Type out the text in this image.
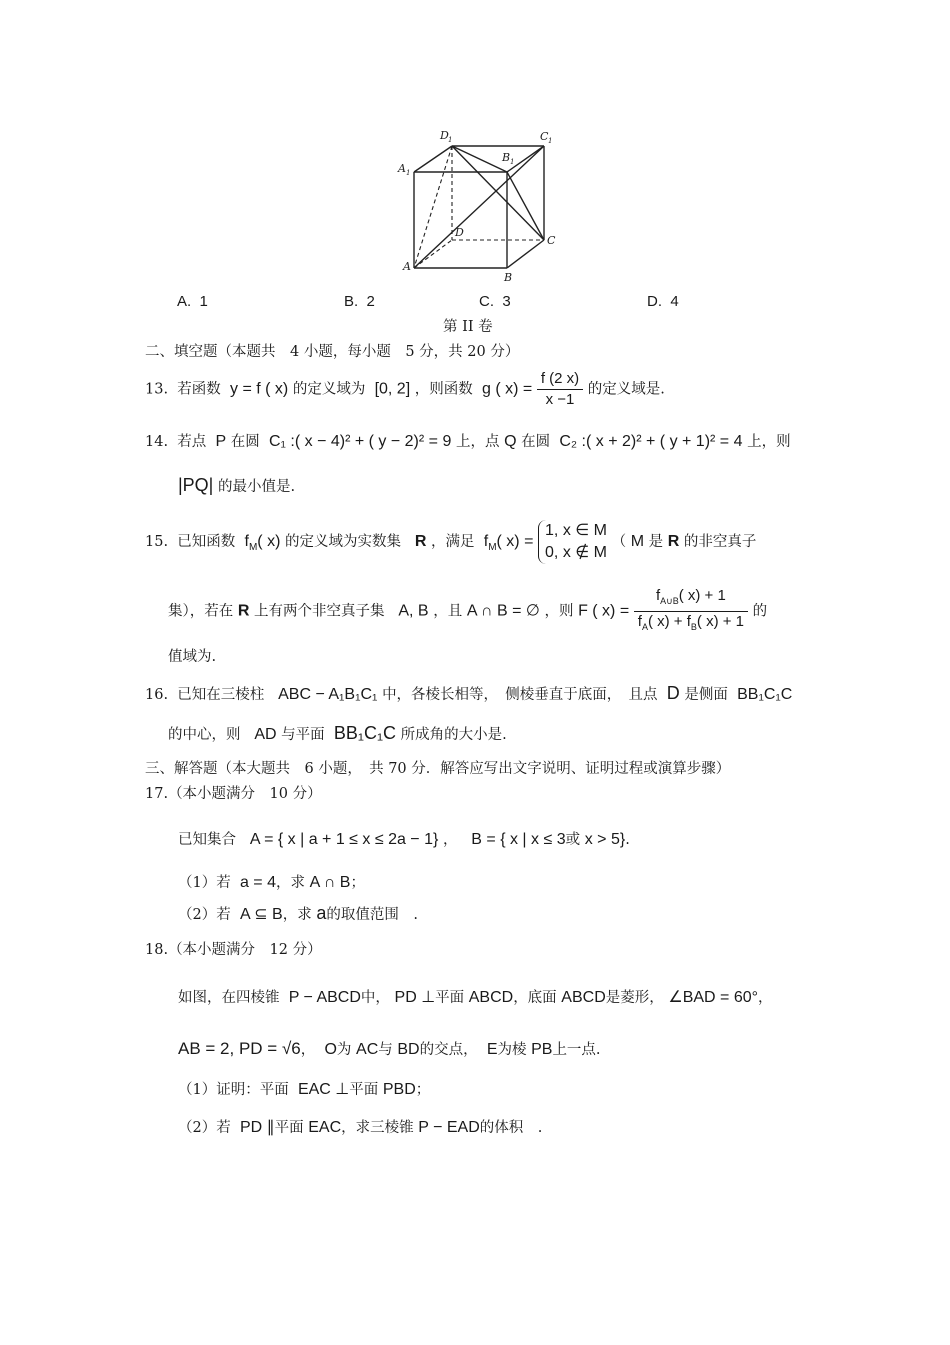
D 1	C 1
A 1
B 1
D
C
A
B
A. 1	B. 2	C. 3	D. 4
第 II 卷
二、填空题（本题共　4 小题，每小题　5 分，共 20 分）
13. 若函数 y = f ( x) 的定义域为 [0, 2] ，则函数 g ( $x) = \frac{f (2 x)}{x -1}$ 的定义域是.
14. 若点 P 在圆 C₁ :( x − 4)² + ( y − 2)² = 9 上，点 Q 在圆 C₂ :( x + 2)² + ( y + 1)² = 4 上，则
|PQ| 的最小值是.
15. 已知函数 $f_M$( x) 的定义域为实数集 R ，满足 $f_M$( x) =
1, x ∈ M
0, x ∉ M
（ M 是 R 的非空真子
集），若在 R 上有两个非空真子集 A, B ，且 A ∩ B = ∅ ，则 F ( $x) = \frac{f_{A\cup B}( x) + 1}{f_A( x) + f_B( x) + 1}$ 的
值域为.
16. 已知在三棱柱 ABC − A₁B₁C₁ 中，各棱长相等，　侧棱垂直于底面，　且点 D 是侧面 BB₁C₁C
的中心，则 AD 与平面 BB₁C₁C 所成角的大小是.
三、解答题（本大题共　6 小题，　共 70 分．解答应写出文字说明、证明过程或演算步骤）
17.（本小题满分　10 分）
已知集合 A = { x | a + 1 ≤ x ≤ 2a − 1} ， B = { x | x ≤ 3或 x > 5}.
（1）若 a = 4，求 A ∩ B；
（2）若 A ⊆ B，求 a的取值范围　.
18.（本小题满分　12 分）
如图，在四棱锥 P − ABCD中， PD ⊥平面 ABCD，底面 ABCD是菱形， ∠BAD = 60°，
AB = 2, PD = √6， O为 AC与 BD的交点， E为棱 PB上一点.
（1）证明：平面 EAC ⊥平面 PBD；
（2）若 PD ∥平面 EAC，求三棱锥 P − EAD的体积　.
